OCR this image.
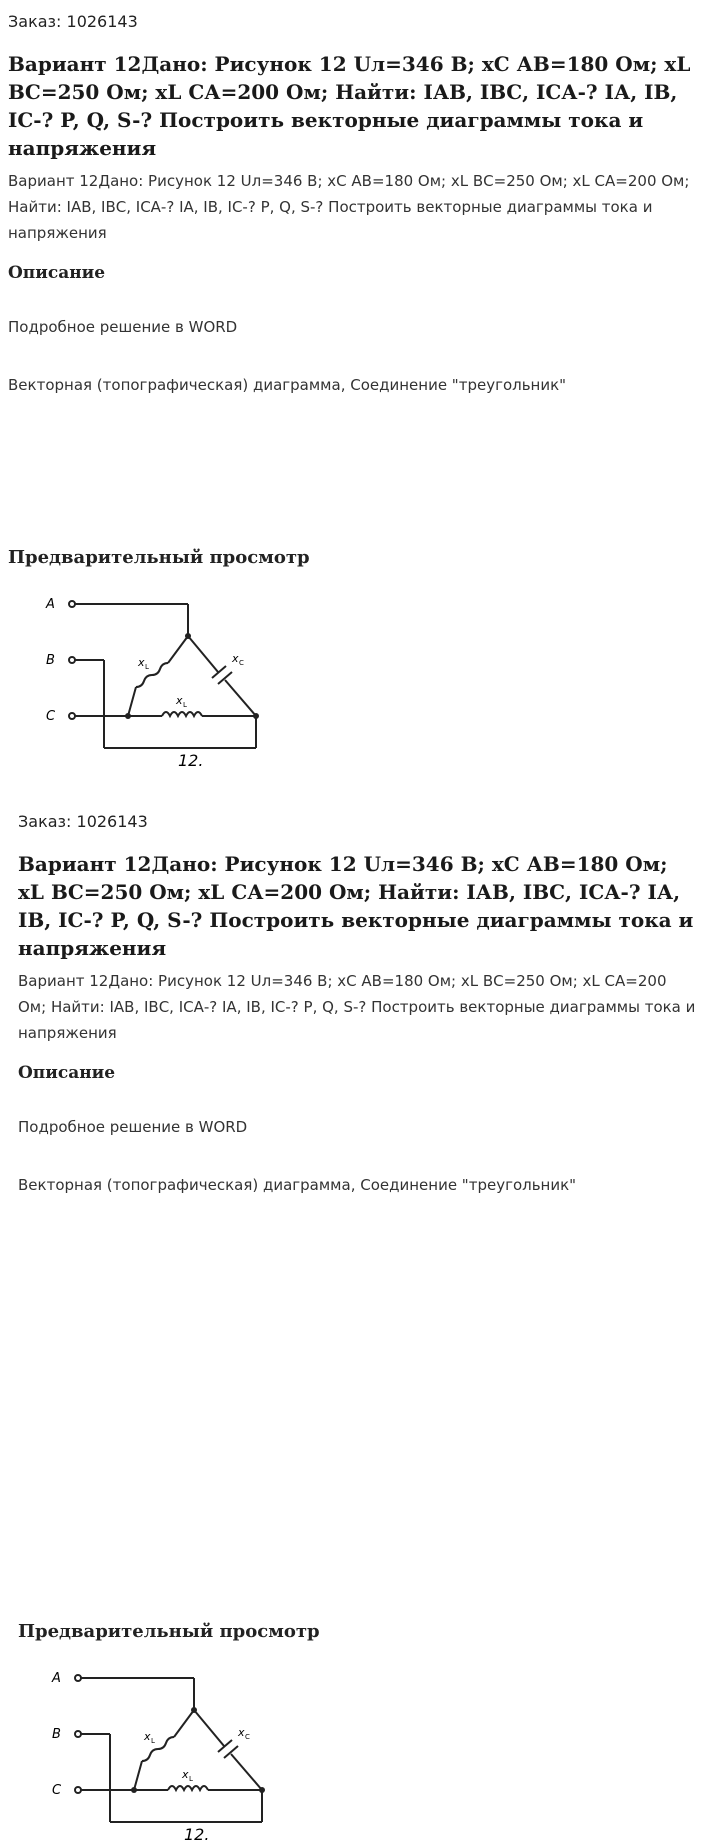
Заказ: 1026143
Вариант 12Дано: Рисунок 12 Uл=346 В; xС АВ=180 Ом; xL ВС=250 Ом; xL СА=200 Ом; Найти: IАВ, IВС, IСА-? IА, IВ, IС-? P, Q, S-? Построить векторные диаграммы тока и напряжения
Вариант 12Дано: Рисунок 12 Uл=346 В; xС АВ=180 Ом; xL ВС=250 Ом; xL СА=200 Ом; Найти: IАВ, IВС, IСА-? IА, IВ, IС-? P, Q, S-? Построить векторные диаграммы тока и напряжения
Описание
Подробное решение в WORD
Векторная (топографическая) диаграмма, Соединение "треугольник"
Предварительный просмотр
A
B
C
x L
x L
x C
12.
Заказ: 1026143
Вариант 12Дано: Рисунок 12 Uл=346 В; xС АВ=180 Ом; xL ВС=250 Ом; xL СА=200 Ом; Найти: IАВ, IВС, IСА-? IА, IВ, IС-? P, Q, S-? Построить векторные диаграммы тока и напряжения
Вариант 12Дано: Рисунок 12 Uл=346 В; xС АВ=180 Ом; xL ВС=250 Ом; xL СА=200 Ом; Найти: IАВ, IВС, IСА-? IА, IВ, IС-? P, Q, S-? Построить векторные диаграммы тока и напряжения
Описание
Подробное решение в WORD
Векторная (топографическая) диаграмма, Соединение "треугольник"
Предварительный просмотр
A
B
C
x L
x L
x C
12.
